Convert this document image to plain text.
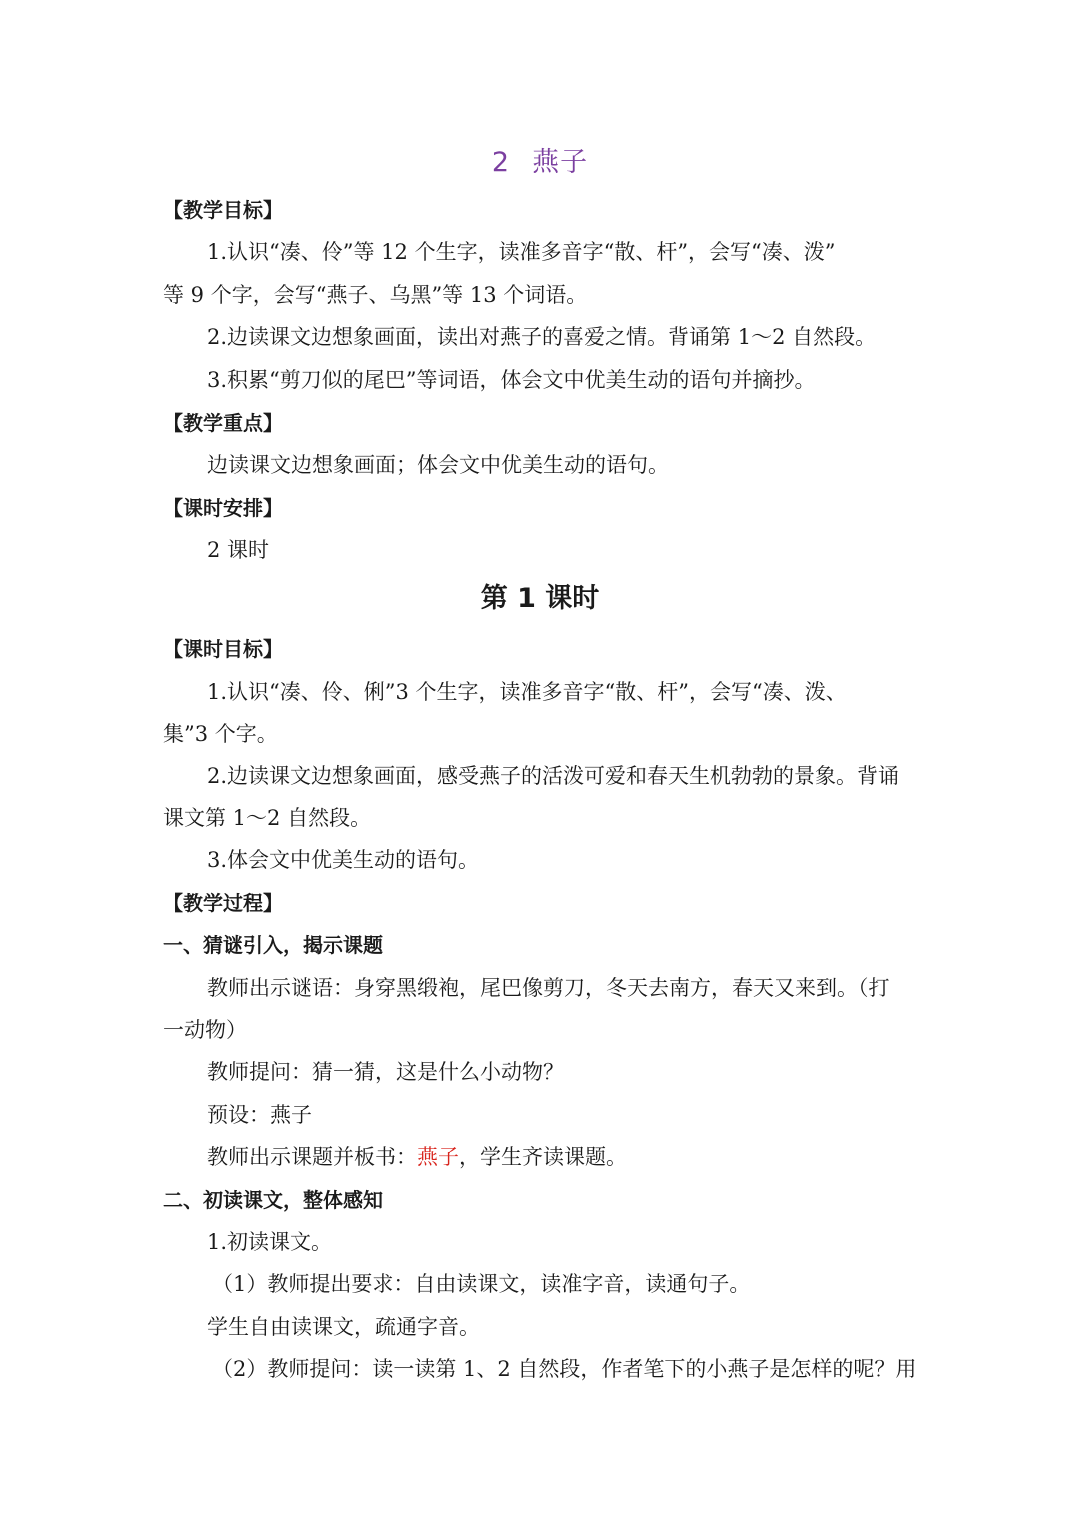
2 燕子
【教学目标】
1.认识“凑、伶”等 12 个生字，读准多音字“散、杆”，会写“凑、泼”
等 9 个字，会写“燕子、乌黑”等 13 个词语。
2.边读课文边想象画面，读出对燕子的喜爱之情。背诵第 1～2 自然段。
3.积累“剪刀似的尾巴”等词语，体会文中优美生动的语句并摘抄。
【教学重点】
边读课文边想象画面；体会文中优美生动的语句。
【课时安排】
2 课时
第 1 课时
【课时目标】
1.认识“凑、伶、俐”3 个生字，读准多音字“散、杆”，会写“凑、泼、
集”3 个字。
2.边读课文边想象画面，感受燕子的活泼可爱和春天生机勃勃的景象。背诵
课文第 1～2 自然段。
3.体会文中优美生动的语句。
【教学过程】
一、猜谜引入，揭示课题
教师出示谜语：身穿黑缎袍，尾巴像剪刀，冬天去南方，春天又来到。（打
一动物）
教师提问：猜一猜，这是什么小动物？
预设：燕子
教师出示课题并板书：燕子，学生齐读课题。
二、初读课文，整体感知
1.初读课文。
（1）教师提出要求：自由读课文，读准字音，读通句子。
学生自由读课文，疏通字音。
（2）教师提问：读一读第 1、2 自然段，作者笔下的小燕子是怎样的呢？用
